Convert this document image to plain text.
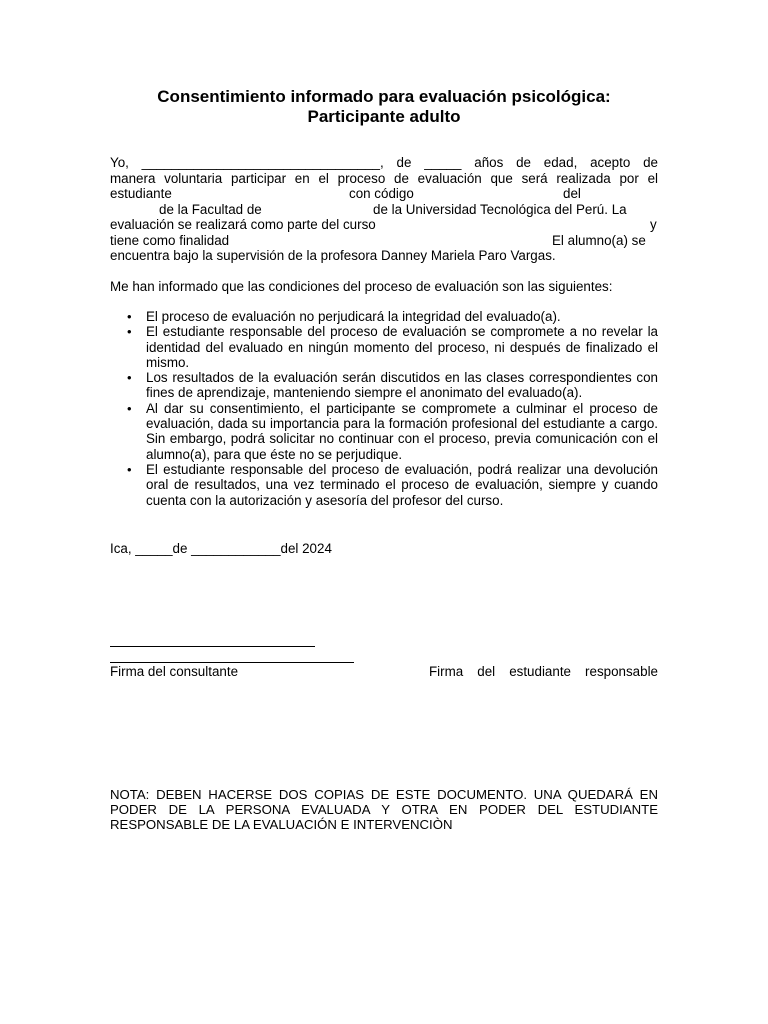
Consentimiento informado para evaluación psicológica:
Participante adulto

Yo, ________________________________, de _____ años de edad, acepto de

manera voluntaria participar en el proceso de evaluación que será realizada por el

estudiante	con código	del
de la Facultad de	de la Universidad Tecnológica del Perú. La
evaluación se realizará como parte del curso	y
tiene como finalidad	El alumno(a) se
encuentra bajo la supervisión de la profesora Danney Mariela Paro Vargas.
Me han informado que las condiciones del proceso de evaluación son las siguientes:
• El proceso de evaluación no perjudicará la integridad del evaluado(a).
• El estudiante responsable del proceso de evaluación se compromete a no revelar la identidad del evaluado en ningún momento del proceso, ni después de finalizado el mismo.
• Los resultados de la evaluación serán discutidos en las clases correspondientes con fines de aprendizaje, manteniendo siempre el anonimato del evaluado(a).
• Al dar su consentimiento, el participante se compromete a culminar el proceso de evaluación, dada su importancia para la formación profesional del estudiante a cargo. Sin embargo, podrá solicitar no continuar con el proceso, previa comunicación con el alumno(a), para que éste no se perjudique.
• El estudiante responsable del proceso de evaluación, podrá realizar una devolución oral de resultados, una vez terminado el proceso de evaluación, siempre y cuando cuenta con la autorización y asesoría del profesor del curso.
Ica, _____de ____________del 2024
Firma del consultante	Firma del estudiante responsable

NOTA: DEBEN HACERSE DOS COPIAS DE ESTE DOCUMENTO. UNA QUEDARÁ EN PODER DE LA PERSONA EVALUADA Y OTRA EN PODER DEL ESTUDIANTE RESPONSABLE DE LA EVALUACIÓN E INTERVENCIÒN
